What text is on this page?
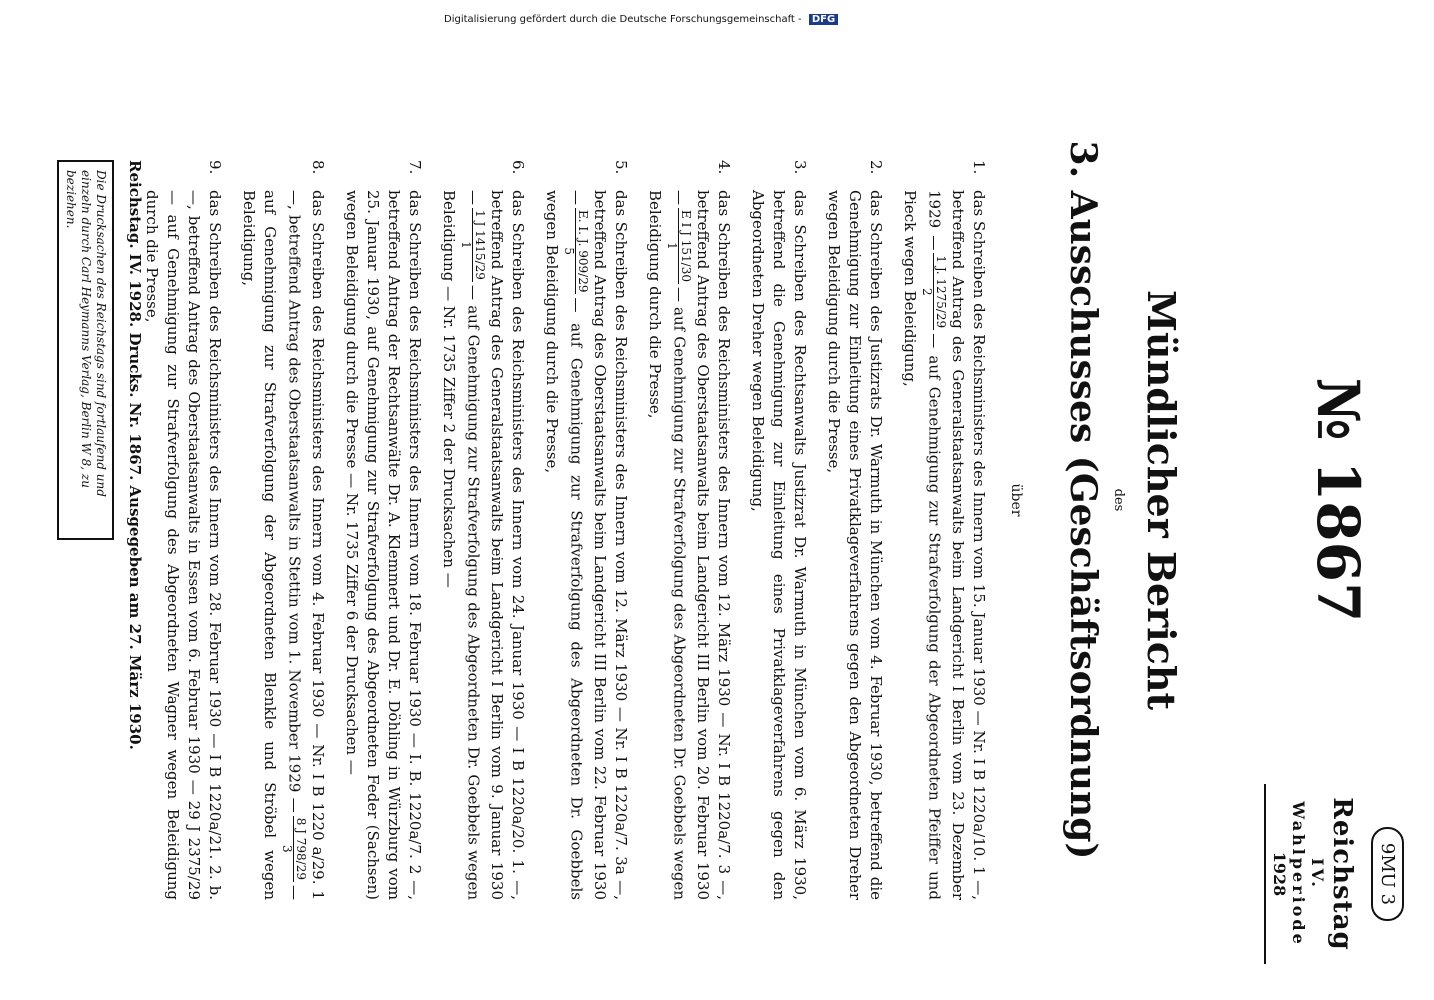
9MU 3
Reichstag
IV. Wahlperiode
1928
№ 1867
Mündlicher Bericht
des
3. Ausschusses (Geschäftsordnung)
über
1.
das Schreiben des Reichsministers des Innern vom 15. Januar 1930 — Nr. I B 1220a/10. 1 —, betreffend Antrag des Generalstaatsanwalts beim Landgericht I Berlin vom 23. Dezember 1929 —
1 J. 1275/29
2
— auf Genehmigung zur Strafverfolgung der Abgeordneten Pfeiffer und Pieck wegen Beleidigung,
2.
das Schreiben des Justizrats Dr. Warmuth in München vom 4. Februar 1930, betreffend die Genehmigung zur Einleitung eines Privatklageverfahrens gegen den Abgeordneten Dreher wegen Beleidigung durch die Presse,
3.
das Schreiben des Rechtsanwalts Justizrat Dr. Warmuth in München vom 6. März 1930, betreffend die Genehmigung zur Einleitung eines Privatklageverfahrens gegen den Abgeordneten Dreher wegen Beleidigung,
4.
das Schreiben des Reichsministers des Innern vom 12. März 1930 — Nr. I B 1220a/7. 3 —, betreffend Antrag des Oberstaatsanwalts beim Landgericht III Berlin vom 20. Februar 1930 —
E I J 151/30
1
— auf Genehmigung zur Strafverfolgung des Abgeordneten Dr. Goebbels wegen Beleidigung durch die Presse,
5.
das Schreiben des Reichsministers des Innern vom 12. März 1930 — Nr. I B 1220a/7. 3a —, betreffend Antrag des Oberstaatsanwalts beim Landgericht III Berlin vom 22. Februar 1930 —
E. I. J. 909/29
5
— auf Genehmigung zur Strafverfolgung des Abgeordneten Dr. Goebbels wegen Beleidigung durch die Presse,
6.
das Schreiben des Reichsministers des Innern vom 24. Januar 1930 — I B 1220a/20. 1. —, betreffend Antrag des Generalstaatsanwalts beim Landgericht I Berlin vom 9. Januar 1930 —
1 J 1415/29
1
— auf Genehmigung zur Strafverfolgung des Abgeordneten Dr. Goebbels wegen Beleidigung — Nr. 1735 Ziffer 2 der Drucksachen —
7.
das Schreiben des Reichsministers des Innern vom 18. Februar 1930 — I. B. 1220a/7. 2 —, betreffend Antrag der Rechtsanwälte Dr. A. Klemmert und Dr. E. Döhling in Würzburg vom 25. Januar 1930, auf Genehmigung zur Strafverfolgung des Abgeordneten Feder (Sachsen) wegen Beleidigung durch die Presse — Nr. 1735 Ziffer 6 der Drucksachen —
8.
das Schreiben des Reichsministers des Innern vom 4. Februar 1930 — Nr. I B 1220 a/29. 1 —, betreffend Antrag des Oberstaatsanwalts in Stettin vom 1. November 1929 —
8 J 798/29
3
— auf Genehmigung zur Strafverfolgung der Abgeordneten Blenkle und Ströbel wegen Beleidigung,
9.
das Schreiben des Reichsministers des Innern vom 28. Februar 1930 — I B 1220a/21. 2. b. —, betreffend Antrag des Oberstaatsanwalts in Essen vom 6. Februar 1930 — 29 J 2375/29 — auf Genehmigung zur Strafverfolgung des Abgeordneten Wagner wegen Beleidigung durch die Presse,
Reichstag. IV. 1928. Drucks. Nr. 1867. Ausgegeben am 27. März 1930.
Die Drucksachen des Reichstags sind fortlaufend und einzeln durch Carl Heymanns Verlag, Berlin W 8, zu beziehen.
Digitalisierung gefördert durch die Deutsche Forschungsgemeinschaft - DFG
